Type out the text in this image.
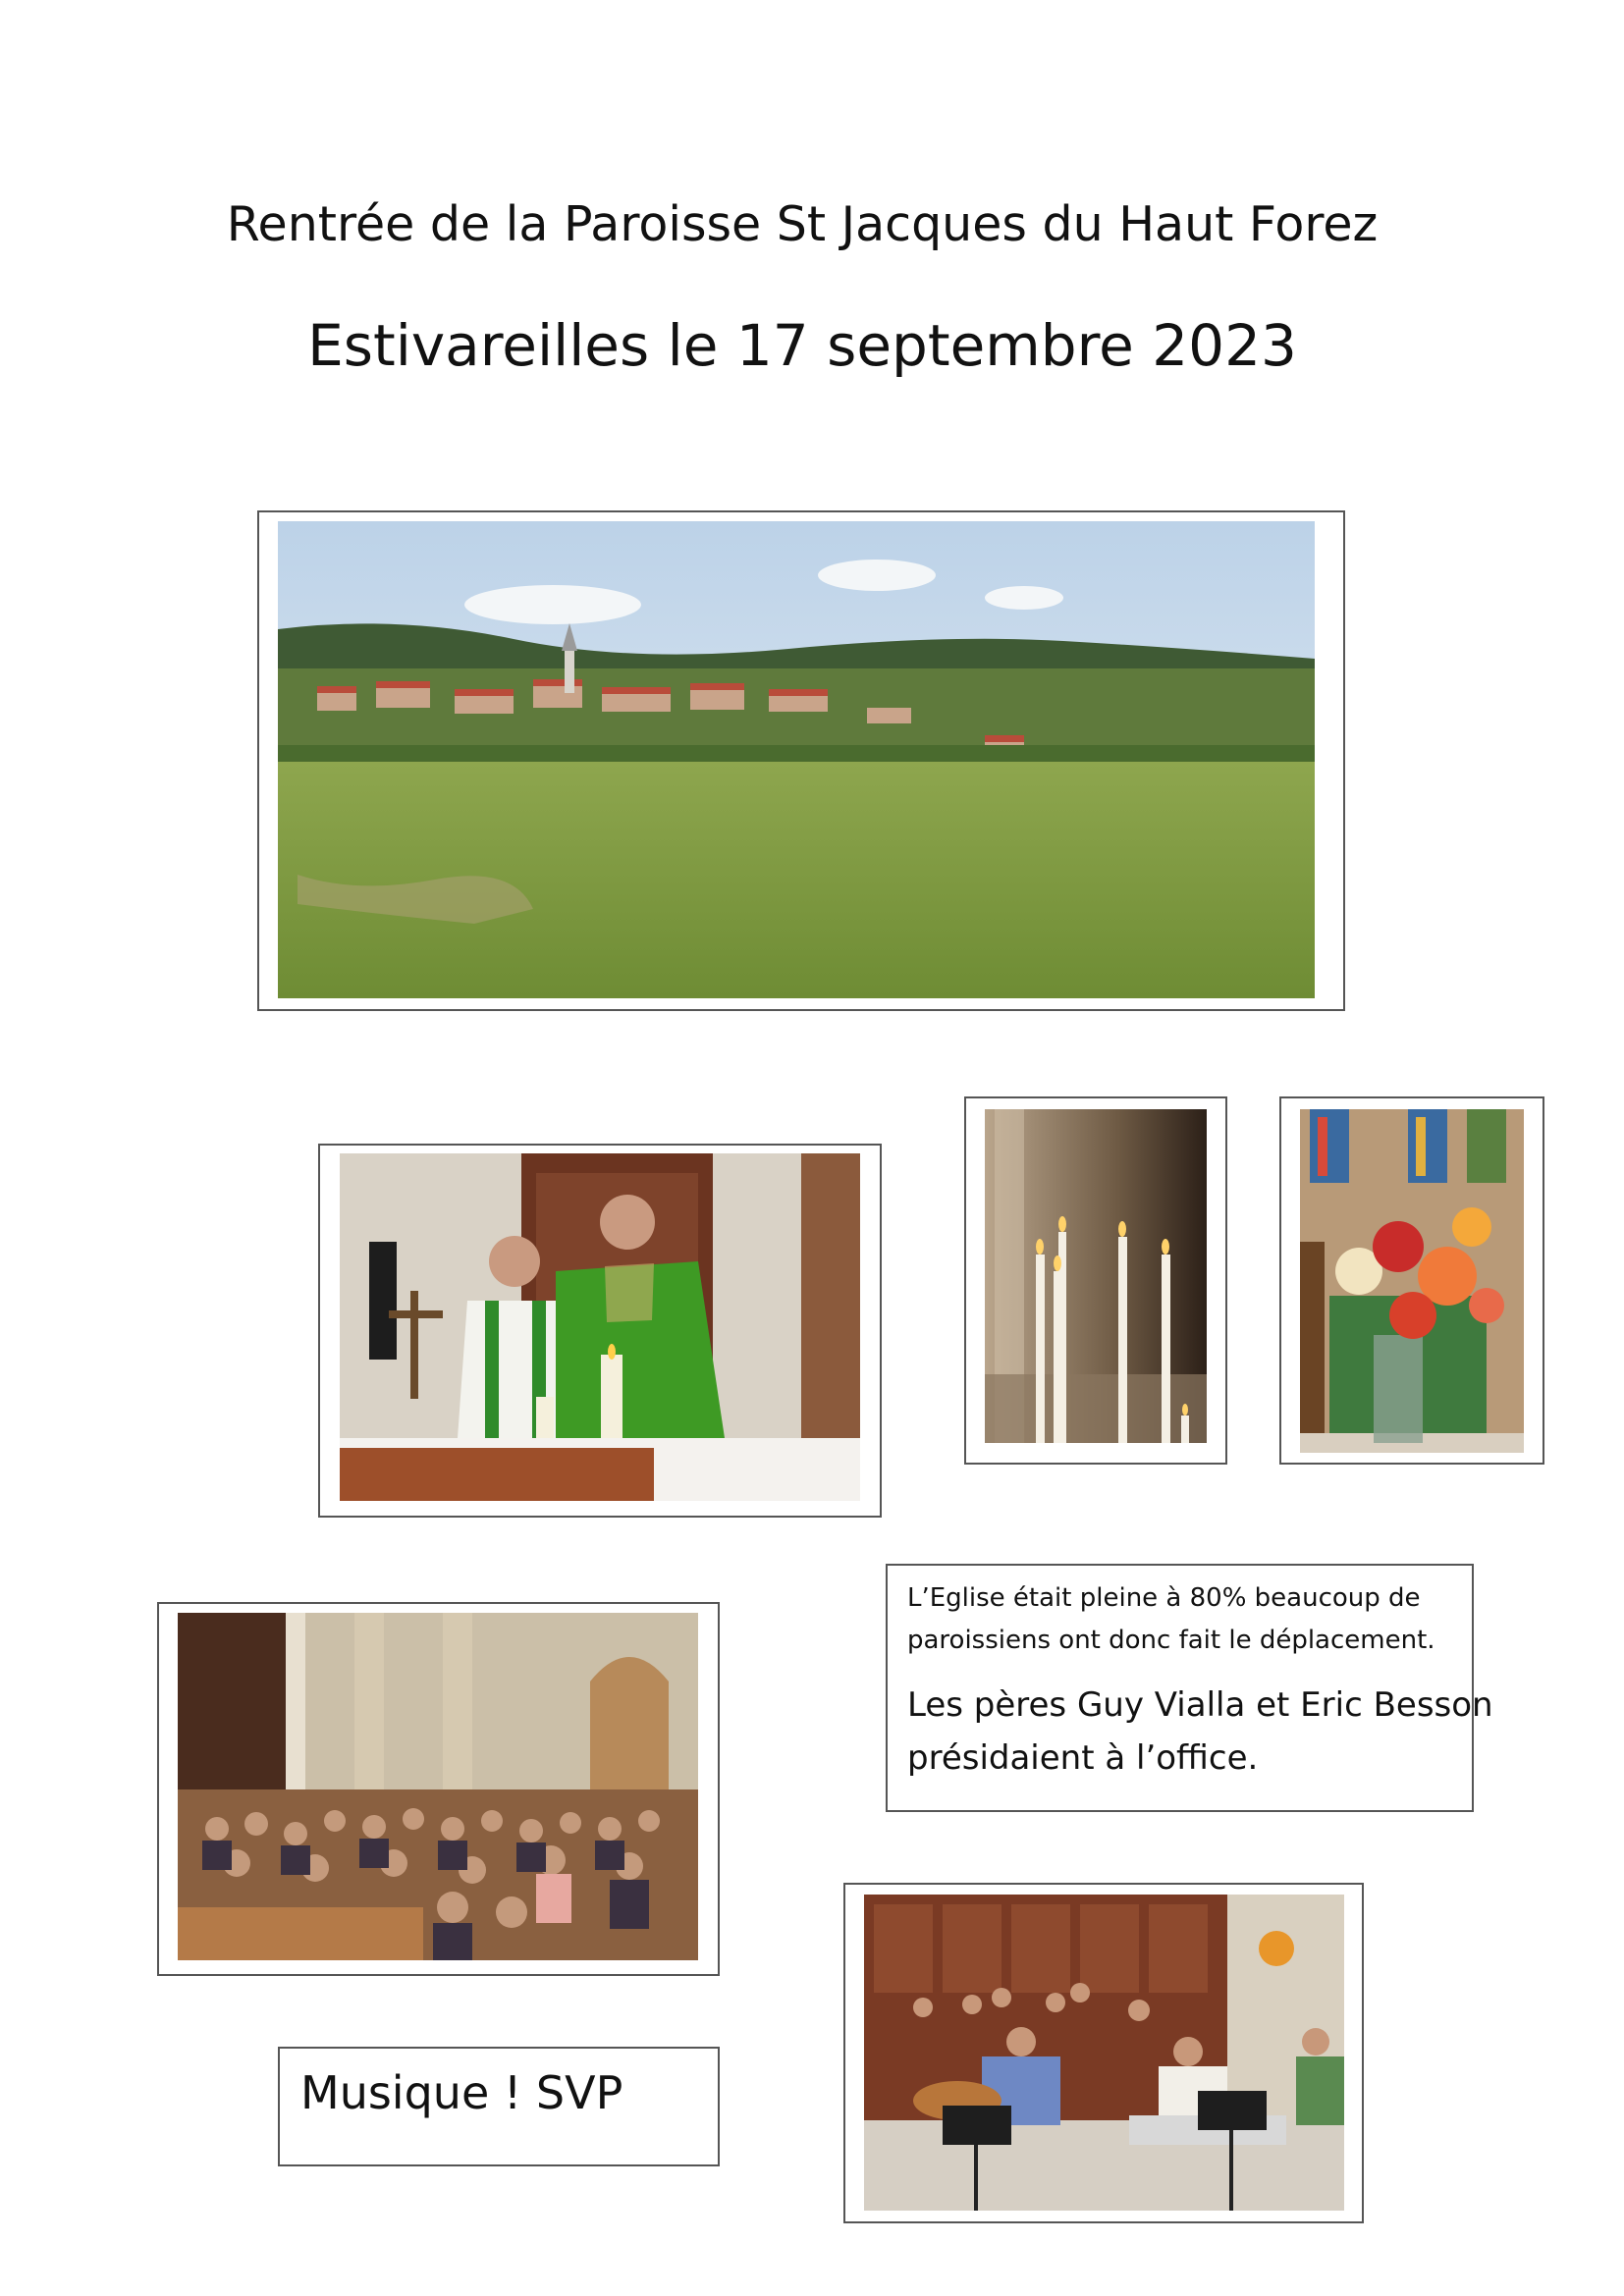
Rentrée de la Paroisse St Jacques du Haut Forez
Estivareilles le 17 septembre 2023
L’Eglise était pleine à 80% beaucoup de
paroissiens ont donc fait le déplacement.
Les pères Guy Vialla et Eric Besson
présidaient à l’office.
Musique ! SVP
